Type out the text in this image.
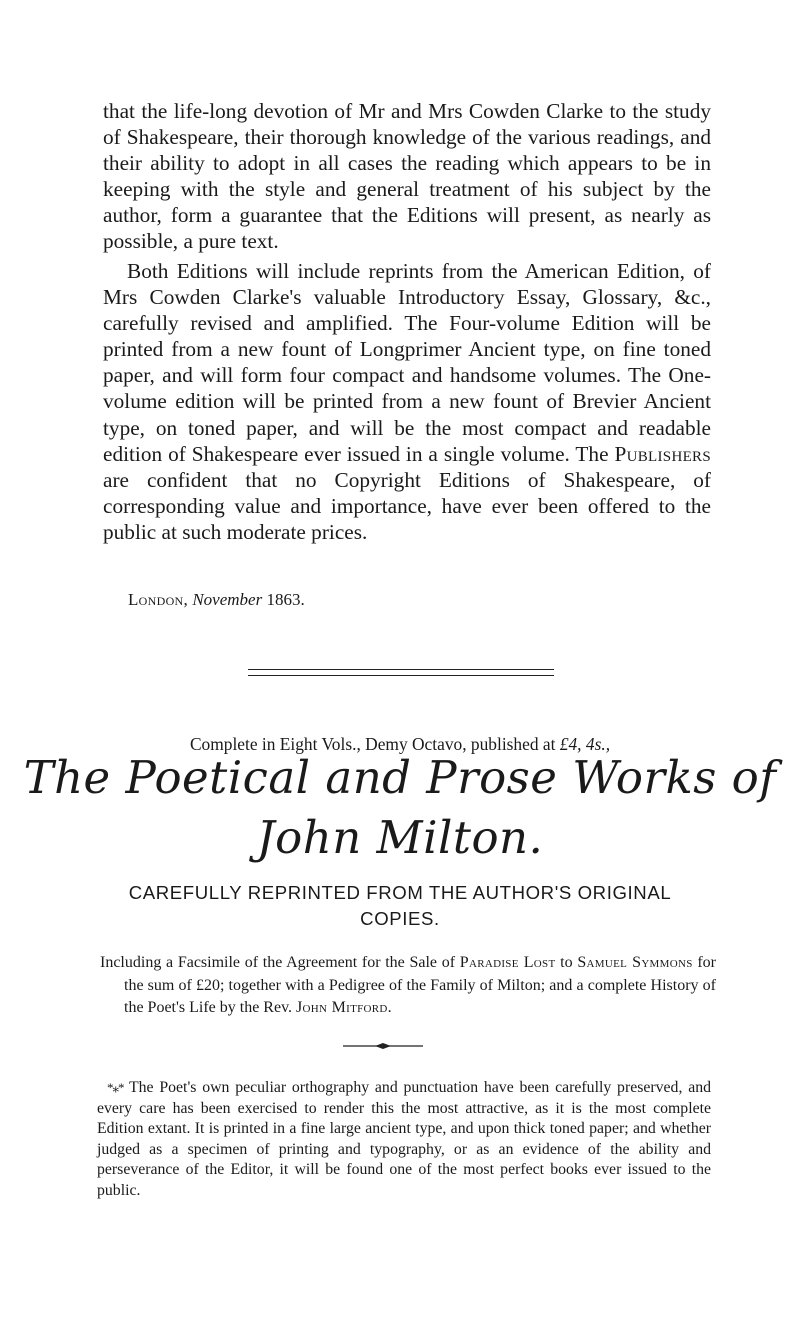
that the life-long devotion of Mr and Mrs Cowden Clarke to the study of Shakespeare, their thorough knowledge of the various readings, and their ability to adopt in all cases the reading which appears to be in keeping with the style and general treatment of his subject by the author, form a guarantee that the Editions will present, as nearly as possible, a pure text.

Both Editions will include reprints from the American Edition, of Mrs Cowden Clarke's valuable Introductory Essay, Glossary, &c., carefully revised and amplified. The Four-volume Edition will be printed from a new fount of Longprimer Ancient type, on fine toned paper, and will form four compact and handsome volumes. The One-volume edition will be printed from a new fount of Brevier Ancient type, on toned paper, and will be the most compact and readable edition of Shakespeare ever issued in a single volume. The Publishers are confident that no Copyright Editions of Shakespeare, of corresponding value and importance, have ever been offered to the public at such moderate prices.

London, November 1863.

Complete in Eight Vols., Demy Octavo, published at £4, 4s.,

The Poetical and Prose Works of

John Milton.

CAREFULLY REPRINTED FROM THE AUTHOR'S ORIGINAL COPIES.

Including a Facsimile of the Agreement for the Sale of Paradise Lost to Samuel Symmons for the sum of £20; together with a Pedigree of the Family of Milton; and a complete History of the Poet's Life by the Rev. John Mitford.

*⁎* The Poet's own peculiar orthography and punctuation have been carefully preserved, and every care has been exercised to render this the most attractive, as it is the most complete Edition extant. It is printed in a fine large ancient type, and upon thick toned paper; and whether judged as a specimen of printing and typography, or as an evidence of the ability and perseverance of the Editor, it will be found one of the most perfect books ever issued to the public.
